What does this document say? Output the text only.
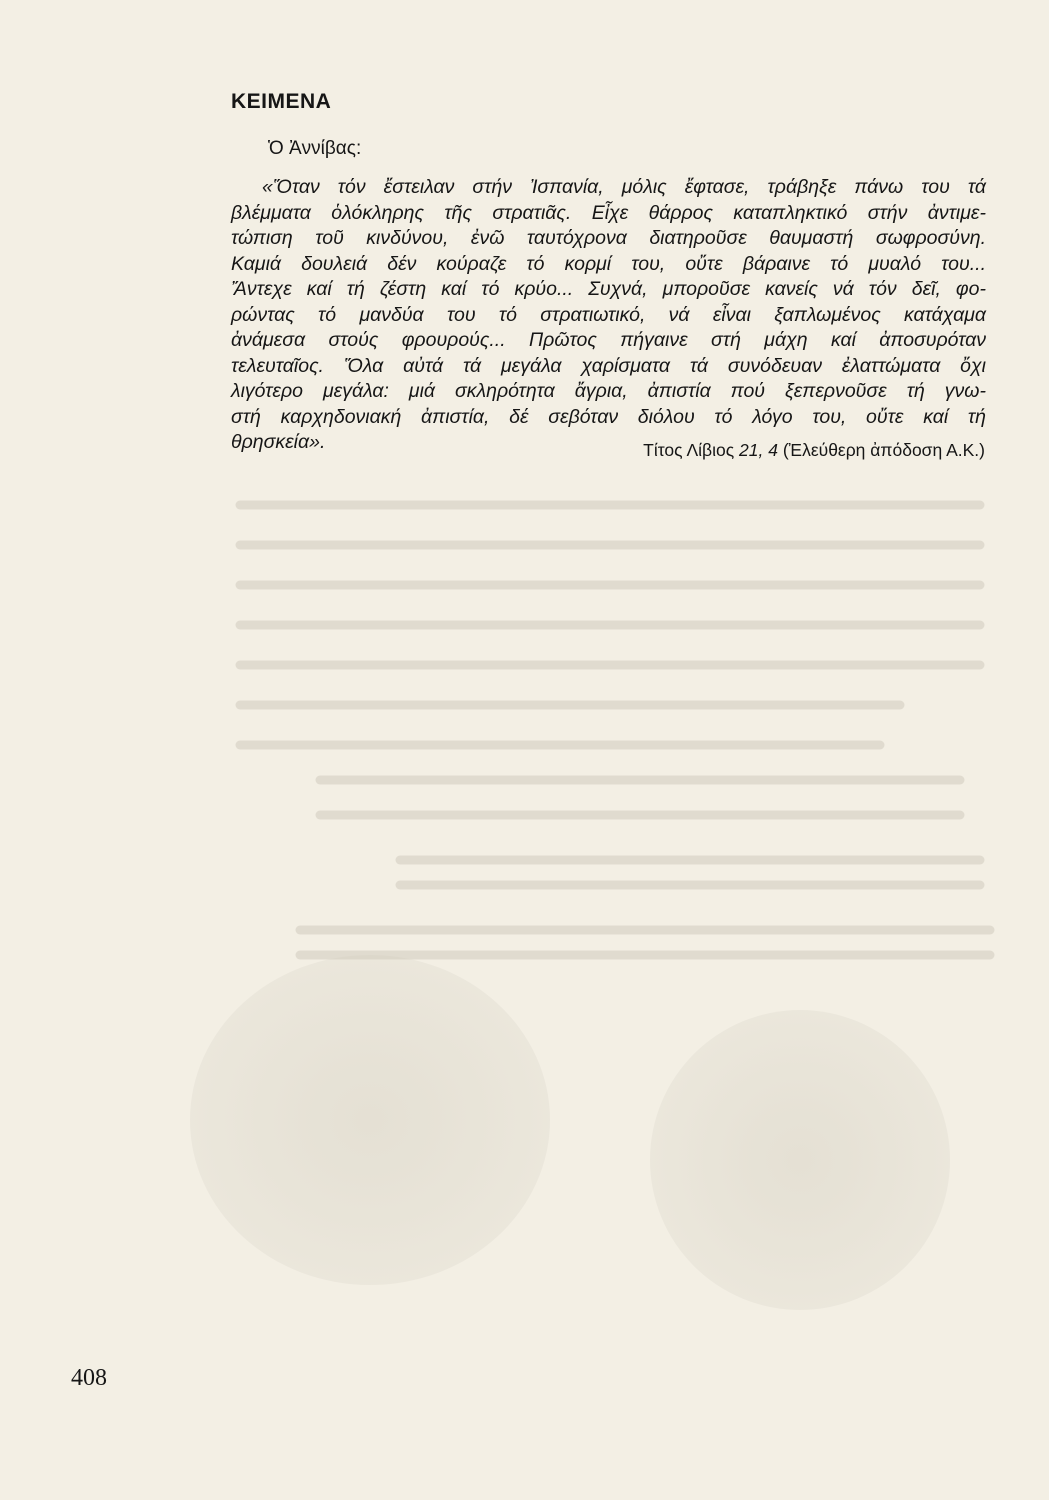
ΚΕΙΜΕΝΑ
Ὁ Ἀννίβας:

«Ὅταν τόν ἔστειλαν στήν Ἰσπανία, μόλις ἔφτασε, τράβηξε πάνω του τά
βλέμματα ὁλόκληρης τῆς στρατιᾶς. Εἶχε θάρρος καταπληκτικό στήν ἀντιμε-
τώπιση τοῦ κινδύνου, ἐνῶ ταυτόχρονα διατηροῦσε θαυμαστή σωφροσύνη.
Καμιά δουλειά δέν κούραζε τό κορμί του, οὔτε βάραινε τό μυαλό του...
Ἄντεχε καί τή ζέστη καί τό κρύο... Συχνά, μποροῦσε κανείς νά τόν δεῖ, φο-
ρώντας τό μανδύα του τό στρατιωτικό, νά εἶναι ξαπλωμένος κατάχαμα
ἀνάμεσα στούς φρουρούς... Πρῶτος πήγαινε στή μάχη καί ἀποσυρόταν
τελευταῖος. Ὅλα αὐτά τά μεγάλα χαρίσματα τά συνόδευαν ἐλαττώματα ὄχι
λιγότερο μεγάλα: μιά σκληρότητα ἄγρια, ἀπιστία πού ξεπερνοῦσε τή γνω-
στή καρχηδονιακή ἀπιστία, δέ σεβόταν διόλου τό λόγο του, οὔτε καί τή
θρησκεία».	Τίτος Λίβιος 21, 4 (Ἐλεύθερη ἀπόδοση Α.Κ.)
408
